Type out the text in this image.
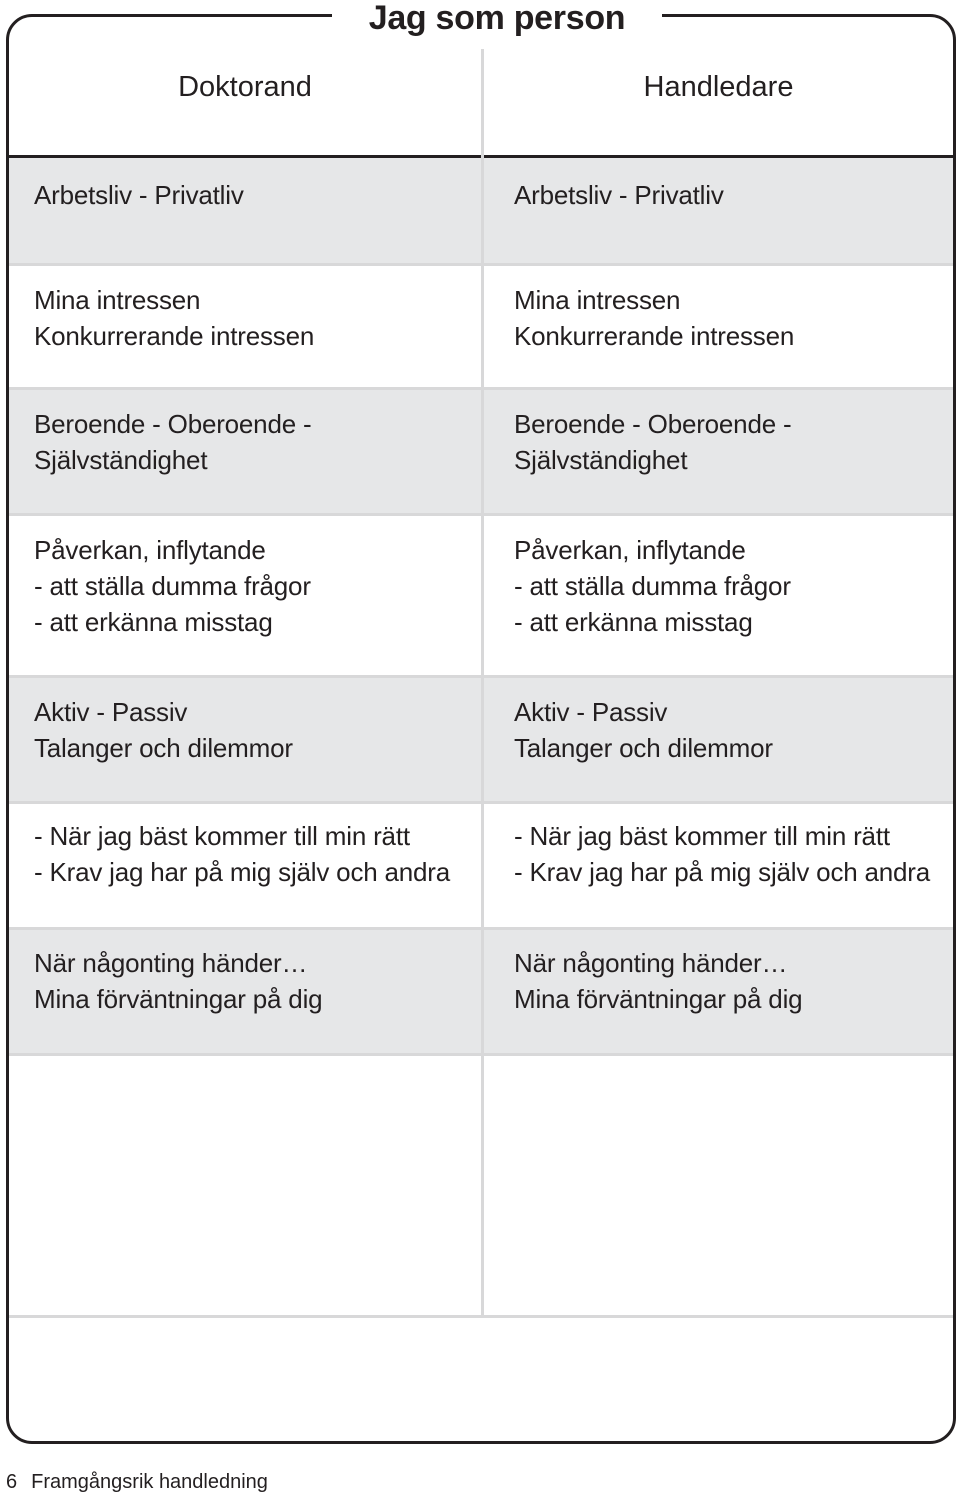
Doktorand	Handledare
Arbetsliv - Privatliv	Arbetsliv - Privatliv
Mina intressen
Konkurrerande intressen
Mina intressen
Konkurrerande intressen
Beroende - Oberoende -
Självständighet
Beroende - Oberoende -
Självständighet
Påverkan, inflytande
- att ställa dumma frågor
- att erkänna misstag
Påverkan, inflytande
- att ställa dumma frågor
- att erkänna misstag
Aktiv - Passiv
Talanger och dilemmor
Aktiv - Passiv
Talanger och dilemmor
- När jag bäst kommer till min rätt
- Krav jag har på mig själv och andra
- När jag bäst kommer till min rätt
- Krav jag har på mig själv och andra
När någonting händer…
Mina förväntningar på dig
När någonting händer…
Mina förväntningar på dig
Jag som person
6 Framgångsrik handledning
